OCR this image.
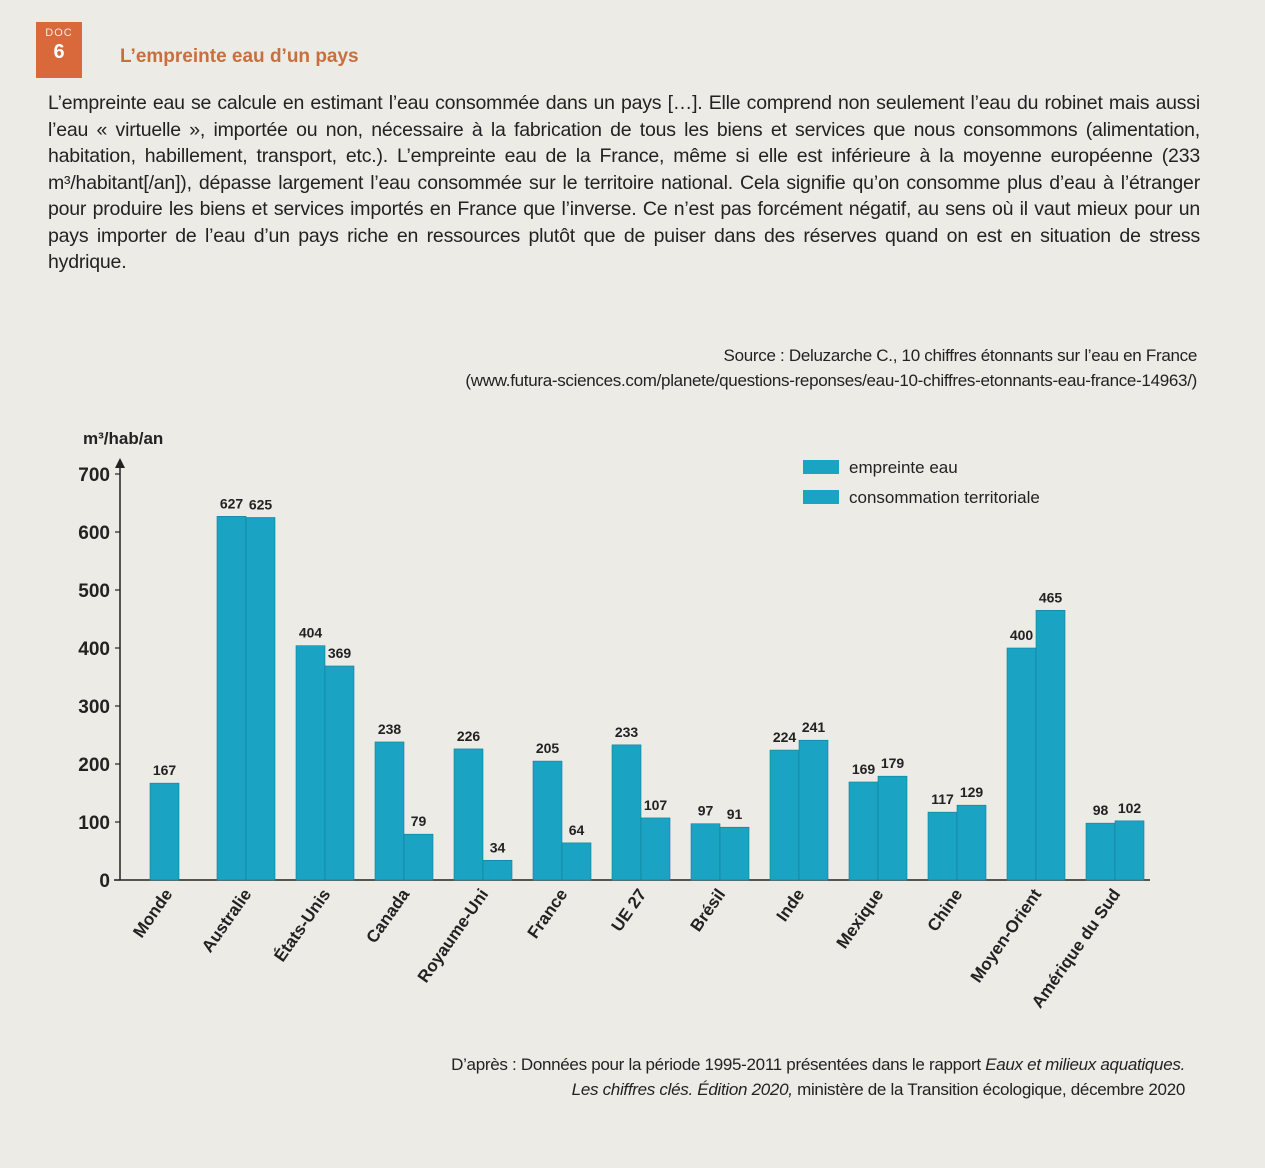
DOC
6	L’empreinte eau d’un pays

L’empreinte eau se calcule en estimant l’eau consommée dans un pays […]. Elle comprend non seulement l’eau du robinet mais aussi l’eau « virtuelle », importée ou non, nécessaire à la fabrication de tous les biens et services que nous consommons (alimentation, habitation, habillement, transport, etc.). L’empreinte eau de la France, même si elle est inférieure à la moyenne européenne (233 m³/habitant[/an]), dépasse largement l’eau consommée sur le territoire national. Cela signifie qu’on consomme plus d’eau à l’étranger pour produire les biens et services importés en France que l’inverse. Ce n’est pas forcément négatif, au sens où il vaut mieux pour un pays importer de l’eau d’un pays riche en ressources plutôt que de puiser dans des réserves quand on est en situation de stress hydrique.

Source : Deluzarche C., 10 chiffres étonnants sur l’eau en France
(www.futura-sciences.com/planete/questions-reponses/eau-10-chiffres-etonnants-eau-france-14963/)
0
100
200
300
400
500
600
700
m³/hab/an
167
Monde
627 625
Australie
404
369
États-Unis
238
79
Canada
226
34
Royaume-Uni
205
64
France
233
107
UE 27
97 91
Brésil
224
241
Inde
169 179
Mexique
117 129
Chine
400
465
Moyen-Orient
98 102
Amérique du Sud
empreinte eau
consommation territoriale
D’après : Données pour la période 1995-2011 présentées dans le rapport Eaux et milieux aquatiques.
Les chiffres clés. Édition 2020, ministère de la Transition écologique, décembre 2020
